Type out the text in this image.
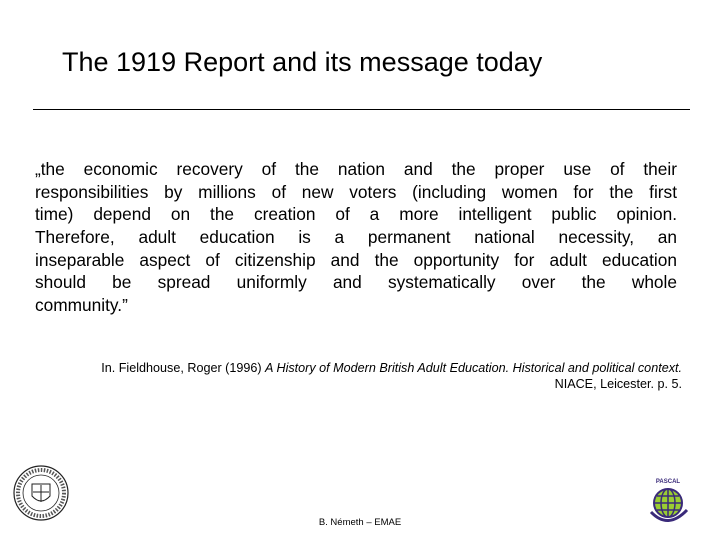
The 1919 Report and its message today
„the economic recovery of the nation and the proper use of their
responsibilities by millions of new voters (including women for the first
time) depend on the creation of a more intelligent public opinion.
Therefore, adult education is a permanent national necessity, an
inseparable aspect of citizenship and the opportunity for adult education
should be spread uniformly and systematically over the whole
community.”
In. Fieldhouse, Roger (1996) A History of Modern British Adult Education. Historical and political context. NIACE, Leicester. p. 5.
PASCAL
B. Németh – EMAE
